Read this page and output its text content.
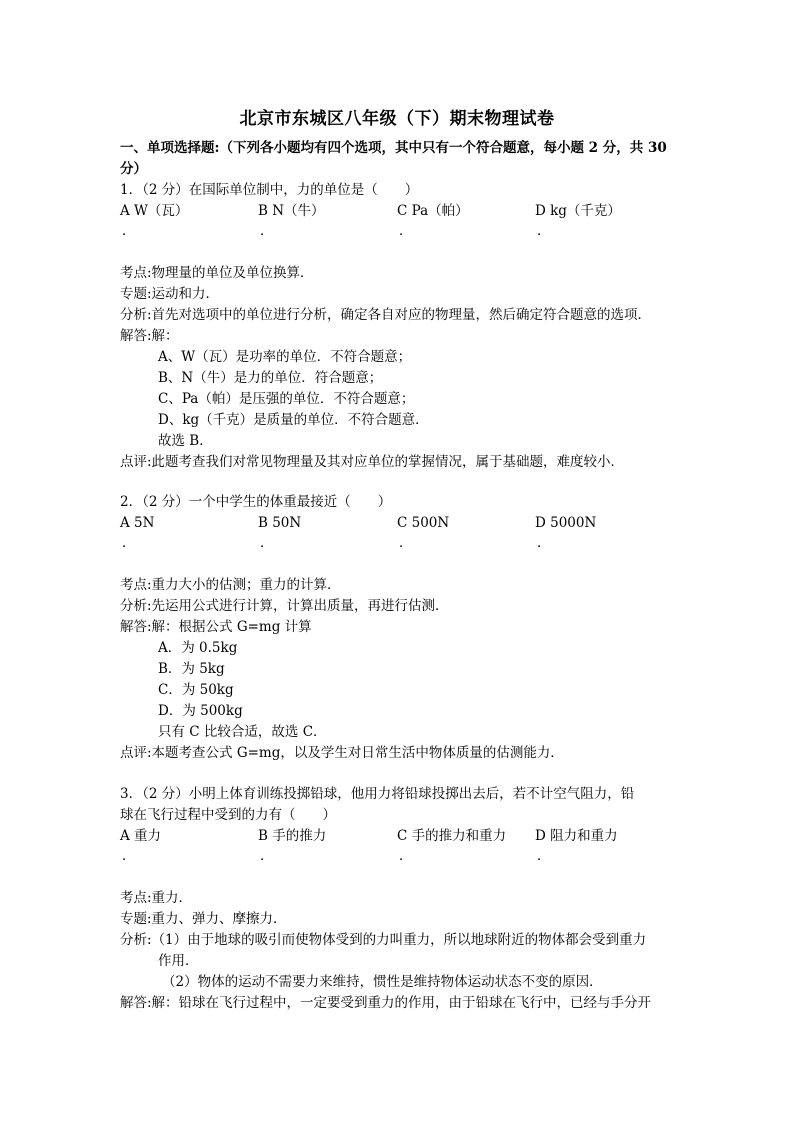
北京市东城区八年级（下）期末物理试卷
一、单项选择题:（下列各小题均有四个选项，其中只有一个符合题意，每小题 2 分，共 30 分）
1．（2 分）在国际单位制中，力的单位是（　　）
A W（瓦）	B N（牛）	C Pa（帕）	D kg（千克）
．	．	．	．
考点:物理量的单位及单位换算．
专题:运动和力．
分析:首先对选项中的单位进行分析，确定各自对应的物理量，然后确定符合题意的选项．
解答:解：
A、W（瓦）是功率的单位．不符合题意；
B、N（牛）是力的单位．符合题意；
C、Pa（帕）是压强的单位．不符合题意；
D、kg（千克）是质量的单位．不符合题意．
故选 B．
点评:此题考查我们对常见物理量及其对应单位的掌握情况，属于基础题，难度较小．
2．（2 分）一个中学生的体重最接近（　　）
A 5N	B 50N	C 500N	D 5000N
．	．	．	．
考点:重力大小的估测；重力的计算．
分析:先运用公式进行计算，计算出质量，再进行估测．
解答:解：根据公式 G=mg 计算
A．为 0.5kg
B．为 5kg
C．为 50kg
D．为 500kg
只有 C 比较合适，故选 C．
点评:本题考查公式 G=mg，以及学生对日常生活中物体质量的估测能力．
3．（2 分）小明上体育训练投掷铅球，他用力将铅球投掷出去后，若不计空气阻力，铅
球在飞行过程中受到的力有（　　）
A 重力	B 手的推力	C 手的推力和重力 D 阻力和重力
．	．	．	．
考点:重力．
专题:重力、弹力、摩擦力．
分析:（1）由于地球的吸引而使物体受到的力叫重力，所以地球附近的物体都会受到重力
作用．
（2）物体的运动不需要力来维持，惯性是维持物体运动状态不变的原因．
解答:解：铅球在飞行过程中，一定要受到重力的作用，由于铅球在飞行中，已经与手分开
